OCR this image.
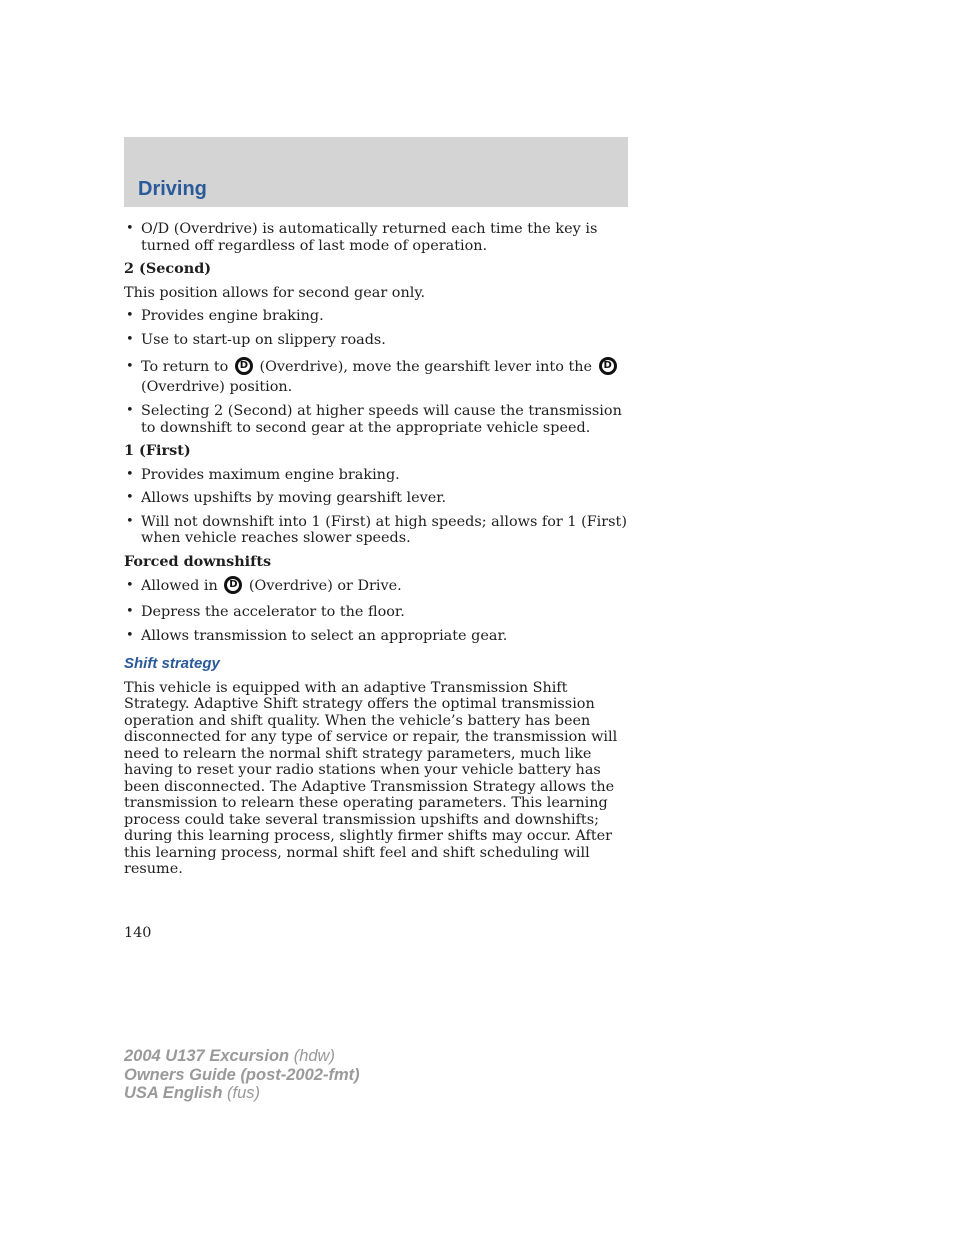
Driving

• O/D (Overdrive) is automatically returned each time the key is turned off regardless of last mode of operation.

2 (Second)

This position allows for second gear only.

• Provides engine braking.

• Use to start-up on slippery roads.

• To return to	D (Overdrive), move the gearshift lever into the	D
(Overdrive) position.

• Selecting 2 (Second) at higher speeds will cause the transmission to downshift to second gear at the appropriate vehicle speed.

1 (First)

• Provides maximum engine braking.

• Allows upshifts by moving gearshift lever.

• Will not downshift into 1 (First) at high speeds; allows for 1 (First) when vehicle reaches slower speeds.

Forced downshifts

• Allowed in	D (Overdrive) or Drive.

• Depress the accelerator to the floor.

• Allows transmission to select an appropriate gear.

Shift strategy

This vehicle is equipped with an adaptive Transmission Shift Strategy. Adaptive Shift strategy offers the optimal transmission operation and shift quality. When the vehicle’s battery has been disconnected for any type of service or repair, the transmission will need to relearn the normal shift strategy parameters, much like having to reset your radio stations when your vehicle battery has been disconnected. The Adaptive Transmission Strategy allows the transmission to relearn these operating parameters. This learning process could take several transmission upshifts and downshifts; during this learning process, slightly firmer shifts may occur. After this learning process, normal shift feel and shift scheduling will resume.

140
2004 U137 Excursion (hdw)
Owners Guide (post-2002-fmt)
USA English (fus)
